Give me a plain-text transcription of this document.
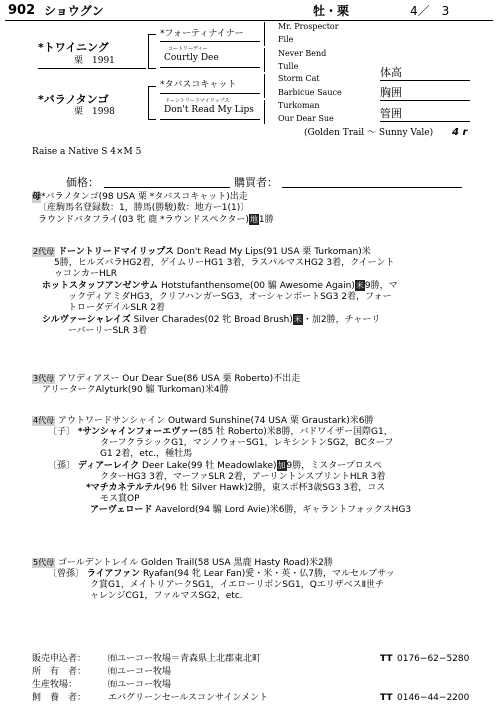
902 ショウグン	牡・栗	4／　3
*トワイニング
栗　1991
*フォーティナイナー
コートリーディー
Courtly Dee
Mr. Prospector
File
Never Bend
Tulle
*バラノタンゴ
栗　1998
*タバスコキャット
ドーントリードマイリップス
Don't Read My Lips
Storm Cat
Barbicue Sauce
Turkoman
Our Dear Sue
体高
胸囲
管囲
(Golden Trail 〜 Sunny Vale) 4 r
Raise a Native S 4×M 5
価格：	購買者：
母*バラノタンゴ(98 USA 栗 *タバスコキャット)出走
〔産駒馬名登録数：1，勝馬(勝駿)数：地方ー1(1)〕
ラウンドバタフライ(03 牝 鹿 *ラウンドスペクター)地1勝
2代母 ドーントリードマイリップス Don't Read My Lips(91 USA 栗 Turkoman)米
5勝，ヒルズバラHG2着，ゲイムリーHG1 3着，ラスパルマスHG2 3着，クイーント
ゥコンカーHLR
ホットスタッフアンゼンサム Hotstufanthensome(00 騸 Awesome Again)米9勝，マ
ックディアミダHG3，クリフハンガーSG3，オーシャンボートSG3 2着，フォー
トローダデイルSLR 2着
シルヴァーシャレイズ Silver Charades(02 牝 Broad Brush)米・加2勝，チャーリ
ーバーリーSLR 3着
3代母 アワディアスー Our Dear Sue(86 USA 栗 Roberto)不出走
アリータークAlyturk(90 騸 Turkoman)米4勝
4代母 アウトワードサンシャイン Outward Sunshine(74 USA 栗 Graustark)米6勝
〔子〕 *サンシャインフォーエヴァー(85 牡 Roberto)米8勝，バドワイザー国際G1，
ターフクラシックG1，マンノウォーSG1，レキシントンSG2，BCターフ
G1 2着，etc.，種牡馬
〔孫〕 ディアーレイク Deer Lake(99 牡 Meadowlake)加9勝，ミスタープロスペ
クターHG3 3着，マーファSLR 2着，アーリントンスプリントHLR 3着
*マチカネテルテル(96 牡 Silver Hawk)2勝，東スポ杯3歳SG3 3着，コス
モス賞OP
アーヴェロード Aavelord(94 騸 Lord Avie)米6勝，ギャラントフォックスHG3
5代母 ゴールデントレイル Golden Trail(58 USA 黒鹿 Hasty Road)米2勝
〔曾孫〕 ライアファン Ryafan(94 牝 Lear Fan)愛・米・英・仏7勝，マルセルブサッ
ク賞G1，メイトリアークSG1，イエローリボンSG1，QエリザベスⅡ世チ
ャレンジCG1，ファルマスSG2，etc.
販売申込者： ㈲ユーコー牧場＝青森県上北郡東北町	TT 0176−62−5280
所　有　者： ㈲ユーコー牧場
生産牧場：	㈲ユーコー牧場
飼　養　者： エバグリーンセールスコンサインメント	TT 0146−44−2200
